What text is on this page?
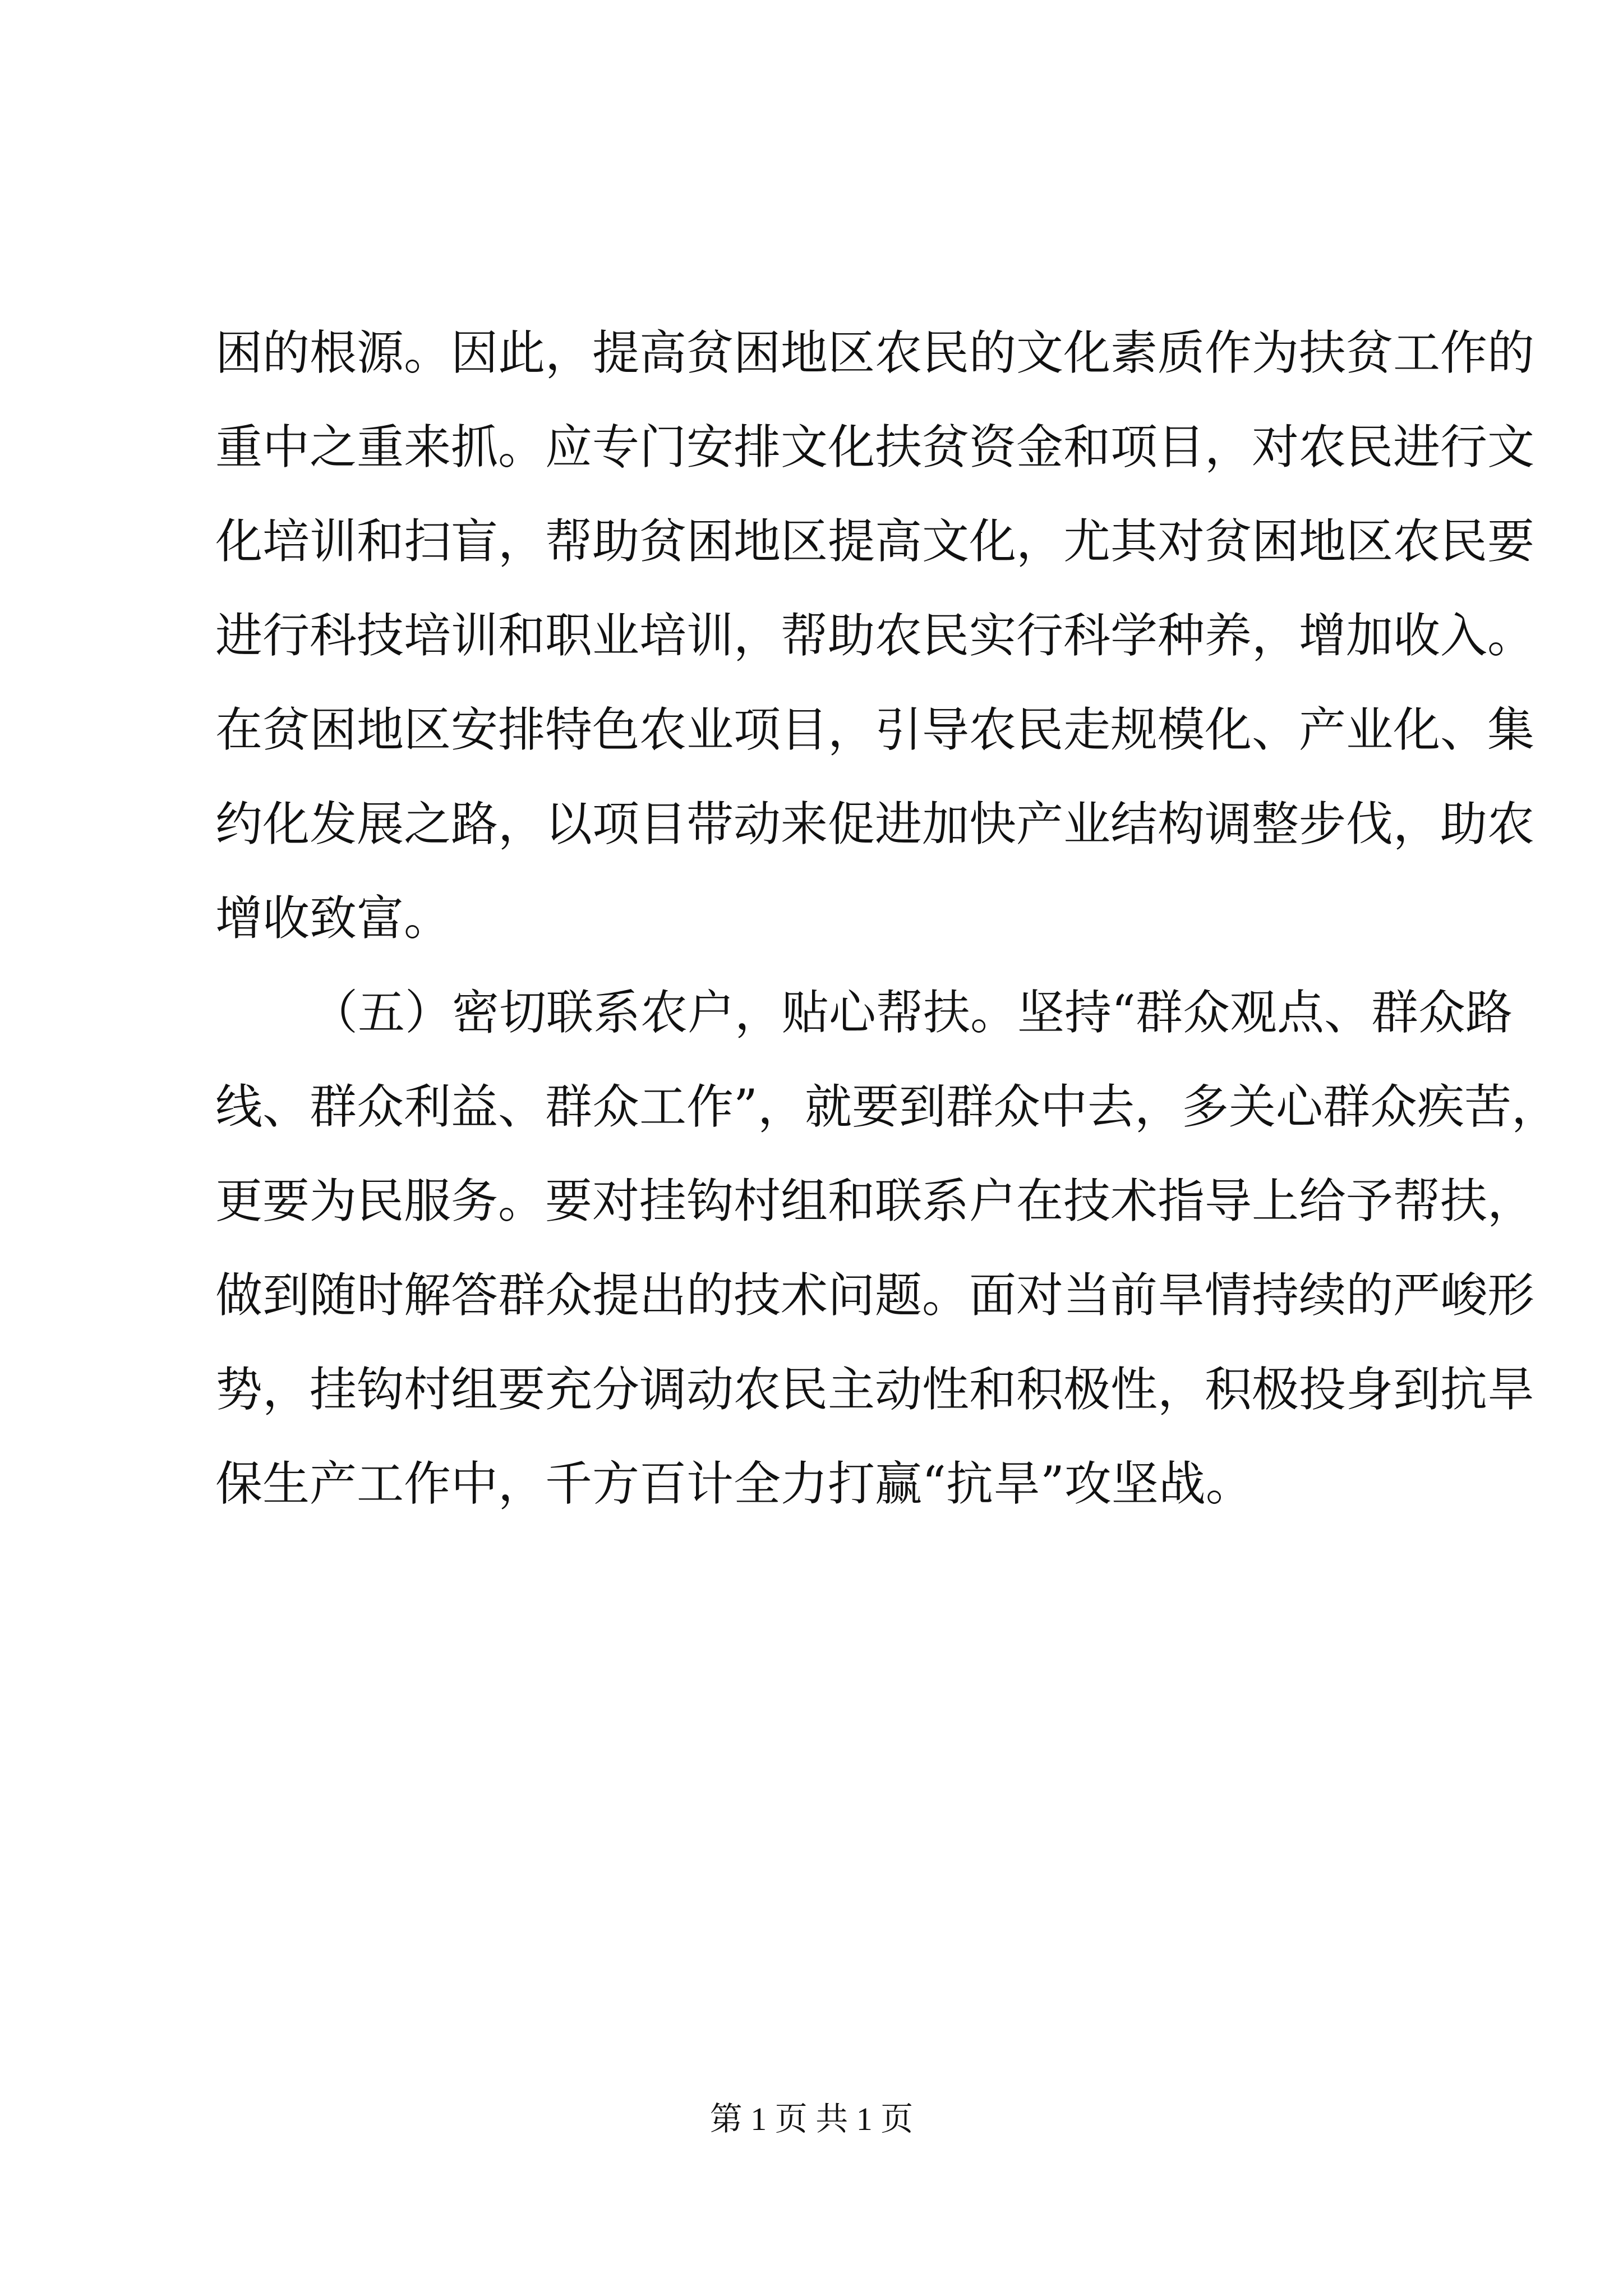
困的根源。因此，提高贫困地区农民的文化素质作为扶贫工作的
重中之重来抓。应专门安排文化扶贫资金和项目，对农民进行文
化培训和扫盲，帮助贫困地区提高文化，尤其对贫困地区农民要
进行科技培训和职业培训，帮助农民实行科学种养，增加收入。
在贫困地区安排特色农业项目，引导农民走规模化、产业化、集
约化发展之路，以项目带动来促进加快产业结构调整步伐，助农
增收致富。
（五）密切联系农户，贴心帮扶。坚持“群众观点、群众路
线、群众利益、群众工作”，就要到群众中去，多关心群众疾苦，
更要为民服务。要对挂钩村组和联系户在技术指导上给予帮扶，
做到随时解答群众提出的技术问题。面对当前旱情持续的严峻形
势，挂钩村组要充分调动农民主动性和积极性，积极投身到抗旱
保生产工作中，千方百计全力打赢“抗旱”攻坚战。
第 1 页 共 1 页
